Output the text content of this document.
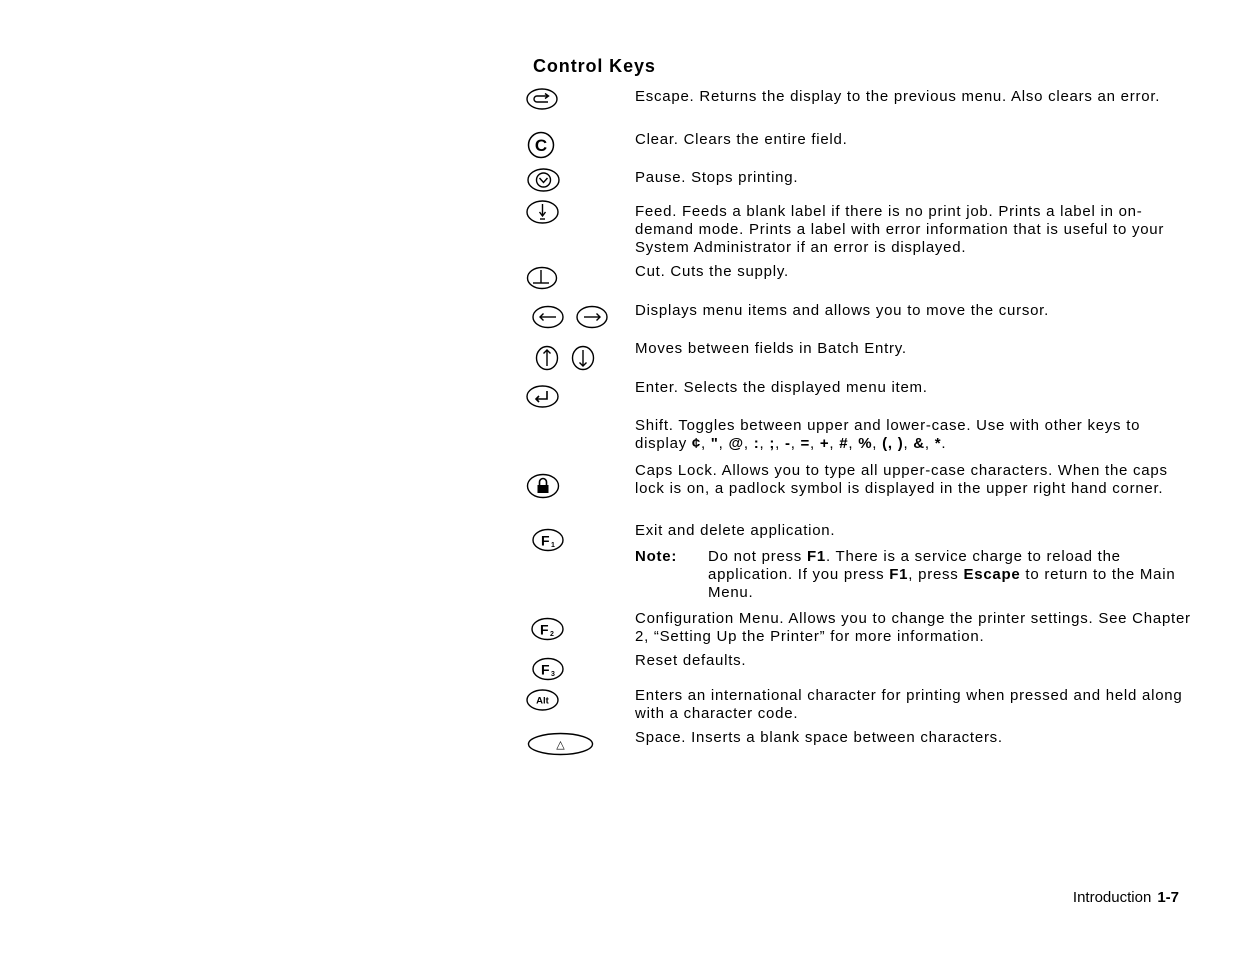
Control Keys
C
F 1
F 2
F 3
Alt
△
Escape. Returns the display to the previous menu. Also clears an error.
Clear. Clears the entire field.
Pause. Stops printing.
Feed. Feeds a blank label if there is no print job. Prints a label in on-demand mode. Prints a label with error information that is useful to your System Administrator if an error is displayed.
Cut. Cuts the supply.
Displays menu items and allows you to move the cursor.
Moves between fields in Batch Entry.
Enter. Selects the displayed menu item.
Shift. Toggles between upper and lower-case. Use with other keys to display ¢, ", @, :, ;, -, =, +, #, %, (, ), &, *.
Caps Lock. Allows you to type all upper-case characters. When the caps lock is on, a padlock symbol is displayed in the upper right hand corner.
Exit and delete application.
Note: Do not press F1. There is a service charge to reload the application. If you press F1, press Escape to return to the Main Menu.
Configuration Menu. Allows you to change the printer settings. See Chapter 2, “Setting Up the Printer” for more information.
Reset defaults.
Enters an international character for printing when pressed and held along with a character code.
Space. Inserts a blank space between characters.
Introduction 1-7
